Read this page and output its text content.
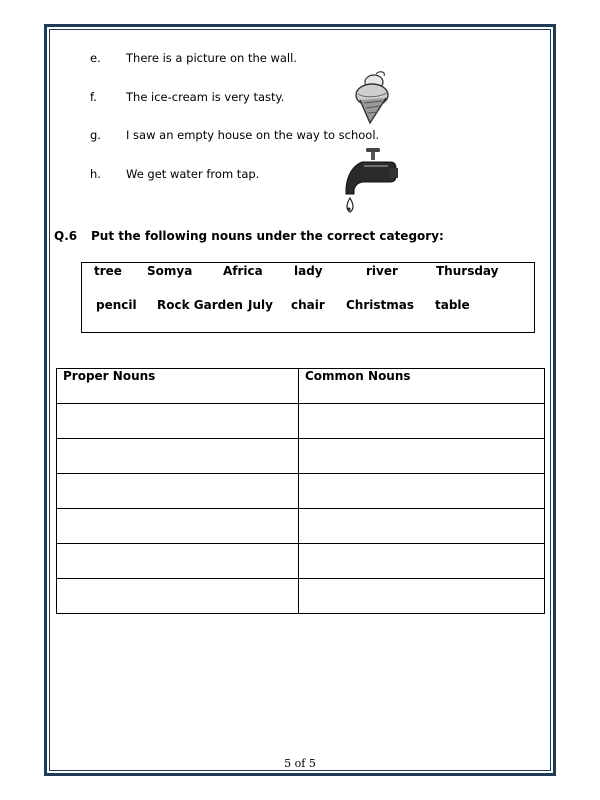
e. There is a picture on the wall.
f.	The ice-cream is very tasty.
g. I saw an empty house on the way to school.
h. We get water from tap.
Q.6 Put the following nouns under the correct category:
tree Somya	Africa	lady	river	Thursday
pencil Rock Garden July chair Christmas table
Proper Nouns	Common Nouns

5 of 5
